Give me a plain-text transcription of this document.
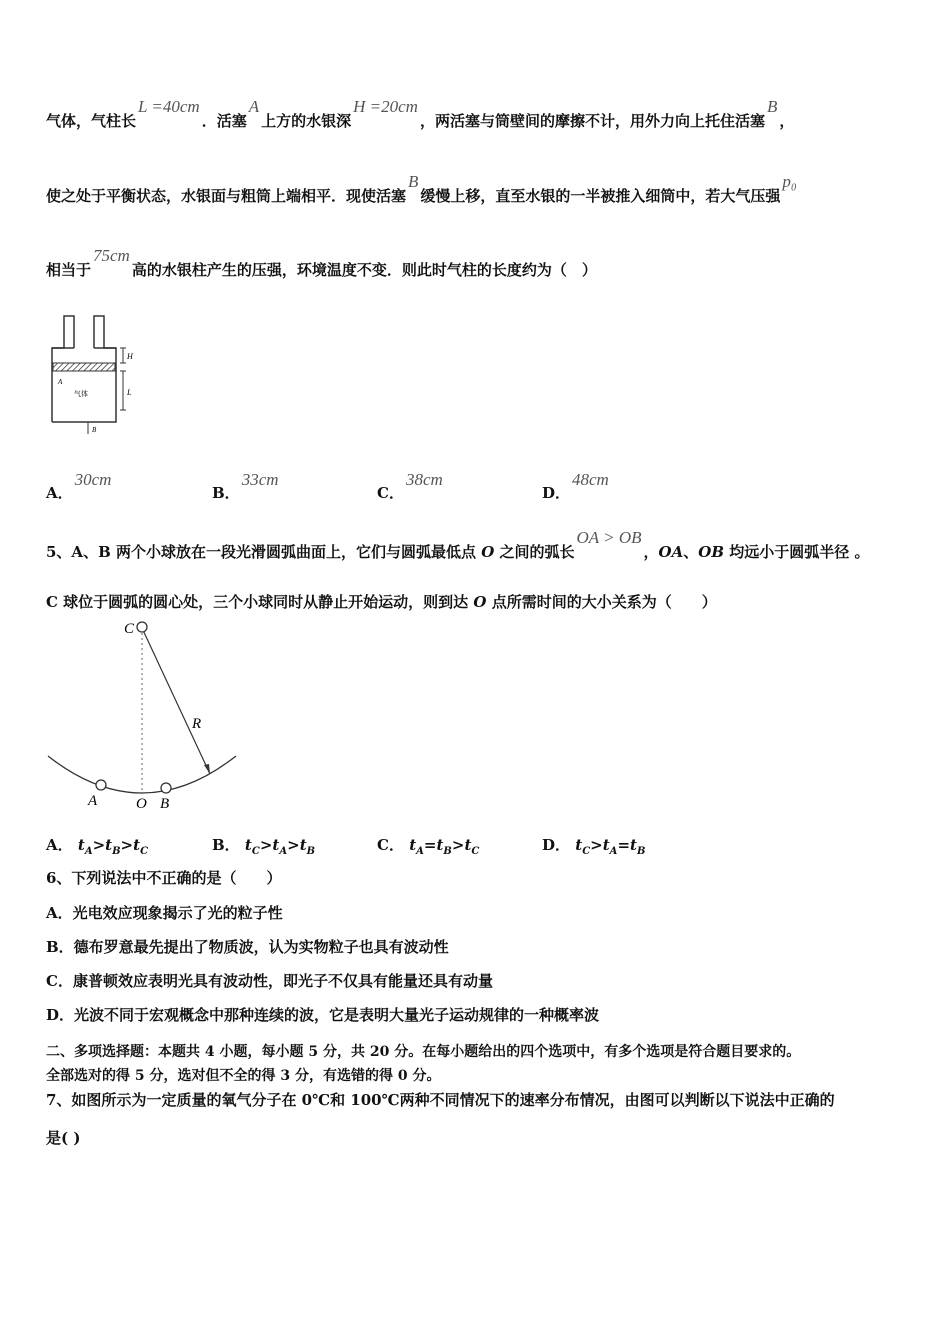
气体，气柱长L =40cm．活塞A上方的水银深H =20cm，两活塞与筒壁间的摩擦不计，用外力向上托住活塞B，
使之处于平衡状态，水银面与粗筒上端相平．现使活塞B缓慢上移，直至水银的一半被推入细筒中，若大气压强p₀
相当于75cm高的水银柱产生的压强，环境温度不变．则此时气柱的长度约为（　）
H
L
A
气体
B
A．30cm
B．33cm
C．38cm
D．48cm
5、A、B 两个小球放在一段光滑圆弧曲面上，它们与圆弧最低点 O 之间的弧长OA > OB，OA、OB 均远小于圆弧半径 。
C 球位于圆弧的圆心处，三个小球同时从静止开始运动，则到达 O 点所需时间的大小关系为（　　）
C
R
A	O B
A． $t_A>t_B>t_C$	B． $t_C>t_A>t_B$	C． $t_A=t_B>t_C$	D． $t_C>t_A=t_B$
6、下列说法中不正确的是（　　）
A．光电效应现象揭示了光的粒子性
B．德布罗意最先提出了物质波，认为实物粒子也具有波动性
C．康普顿效应表明光具有波动性，即光子不仅具有能量还具有动量
D．光波不同于宏观概念中那种连续的波，它是表明大量光子运动规律的一种概率波
二、多项选择题：本题共 4 小题，每小题 5 分，共 20 分。在每小题给出的四个选项中，有多个选项是符合题目要求的。
全部选对的得 5 分，选对但不全的得 3 分，有选错的得 0 分。
7、如图所示为一定质量的氧气分子在 0℃和 100℃两种不同情况下的速率分布情况，由图可以判断以下说法中正确的
是( )
